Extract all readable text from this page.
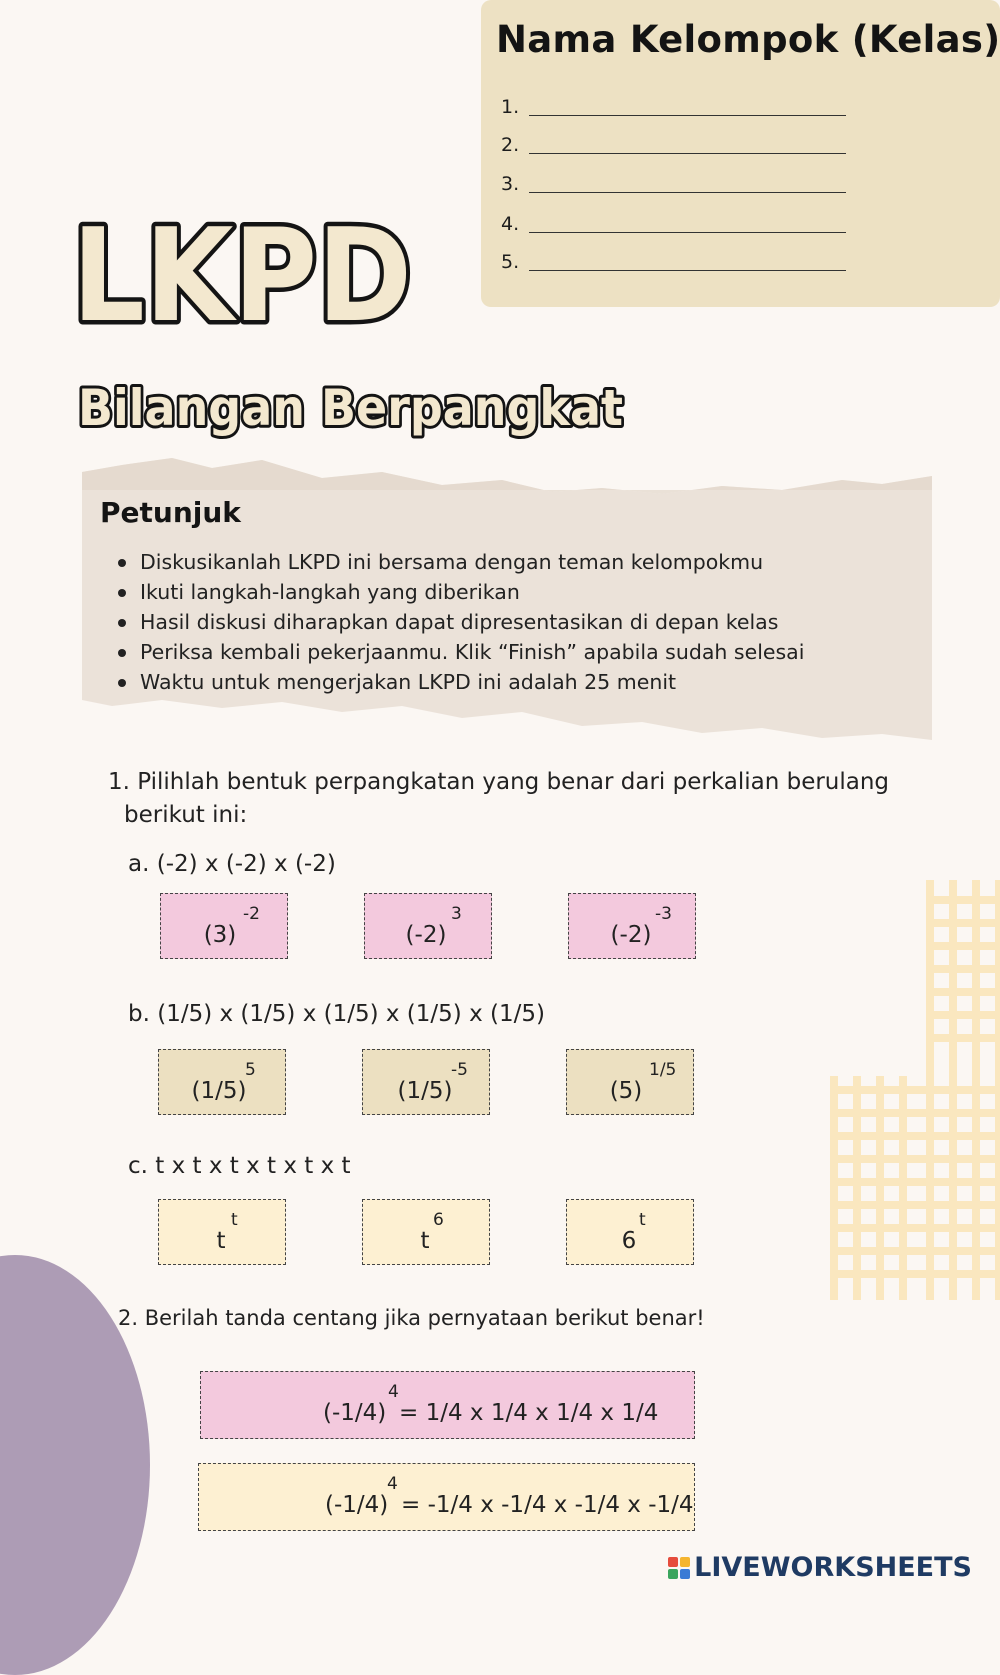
Nama Kelompok (Kelas)
1.
2.
3.
4.
5.
LKPD
Bilangan Berpangkat
Petunjuk
Diskusikanlah LKPD ini bersama dengan teman kelompokmu
Ikuti langkah-langkah yang diberikan
Hasil diskusi diharapkan dapat dipresentasikan di depan kelas
Periksa kembali pekerjaanmu. Klik “Finish” apabila sudah selesai
Waktu untuk mengerjakan LKPD ini adalah 25 menit

1. Pilihlah bentuk perpangkatan yang benar dari perkalian berulang

berikut ini:

a. (-2) x (-2) x (-2)

(3)
-2
(-2)
3
(-2)
-3

b. (1/5) x (1/5) x (1/5) x (1/5) x (1/5)

(1/5)
5
(1/5)
-5
(5)
1/5

c. t x t x t x t x t x t

t
t
t
6
6
t

2. Berilah tanda centang jika pernyataan berikut benar!

(-1/4)
4
= 1/4 x 1/4 x 1/4 x 1/4
(-1/4)
4
= -1/4 x -1/4 x -1/4 x -1/4
LIVEWORKSHEETS
